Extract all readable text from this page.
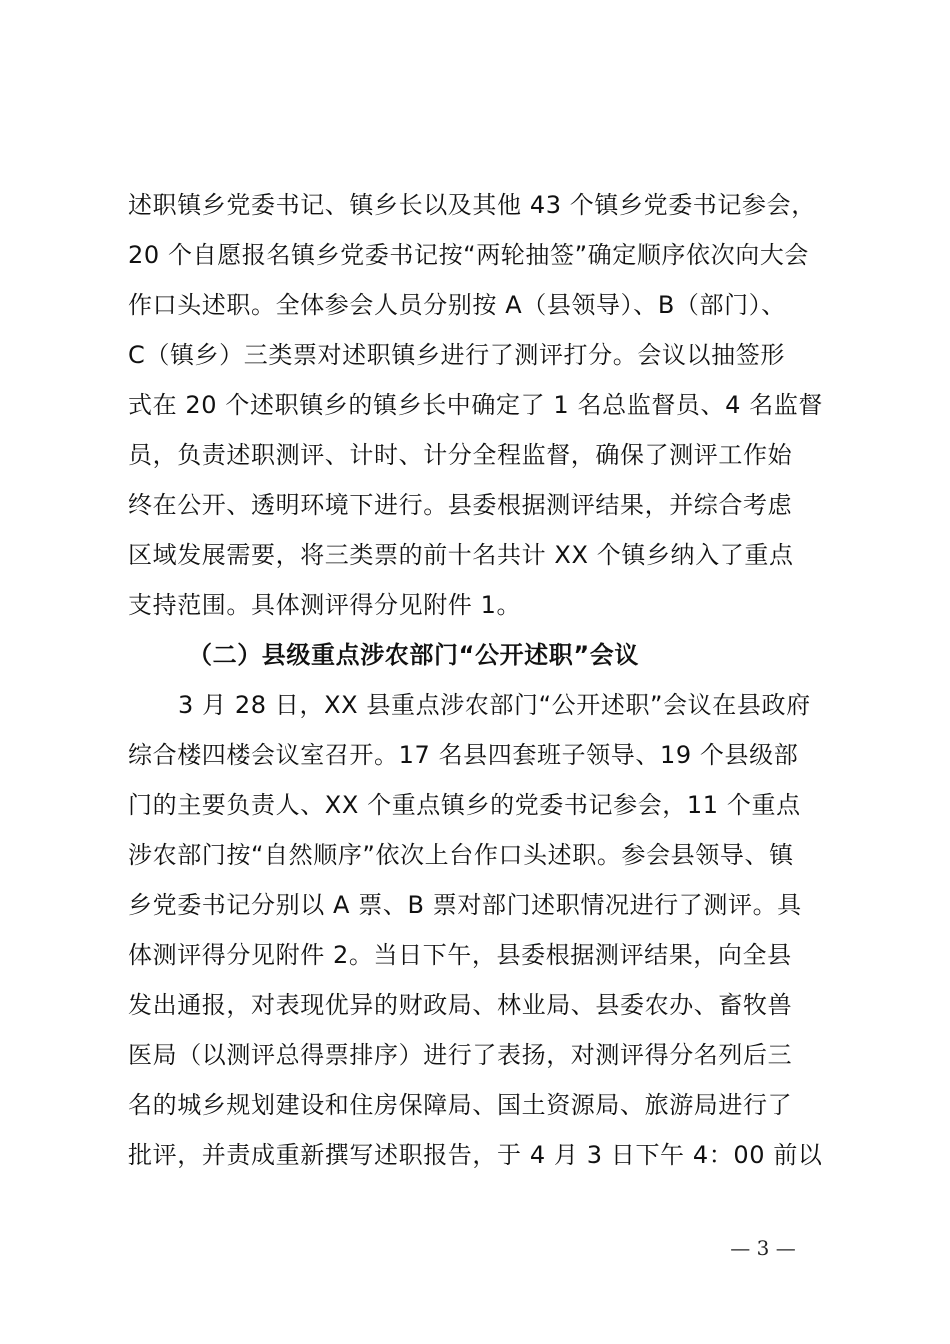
述职镇乡党委书记、镇乡长以及其他 43 个镇乡党委书记参会，
20 个自愿报名镇乡党委书记按“两轮抽签”确定顺序依次向大会
作口头述职。全体参会人员分别按 A（县领导）、B（部门）、
C（镇乡）三类票对述职镇乡进行了测评打分。会议以抽签形
式在 20 个述职镇乡的镇乡长中确定了 1 名总监督员、4 名监督
员，负责述职测评、计时、计分全程监督，确保了测评工作始
终在公开、透明环境下进行。县委根据测评结果，并综合考虑
区域发展需要，将三类票的前十名共计 XX 个镇乡纳入了重点
支持范围。具体测评得分见附件 1。
（二）县级重点涉农部门“公开述职”会议
3 月 28 日，XX 县重点涉农部门“公开述职”会议在县政府
综合楼四楼会议室召开。17 名县四套班子领导、19 个县级部
门的主要负责人、XX 个重点镇乡的党委书记参会，11 个重点
涉农部门按“自然顺序”依次上台作口头述职。参会县领导、镇
乡党委书记分别以 A 票、B 票对部门述职情况进行了测评。具
体测评得分见附件 2。当日下午，县委根据测评结果，向全县
发出通报，对表现优异的财政局、林业局、县委农办、畜牧兽
医局（以测评总得票排序）进行了表扬，对测评得分名列后三
名的城乡规划建设和住房保障局、国土资源局、旅游局进行了
批评，并责成重新撰写述职报告，于 4 月 3 日下午 4：00 前以
— 3 —
